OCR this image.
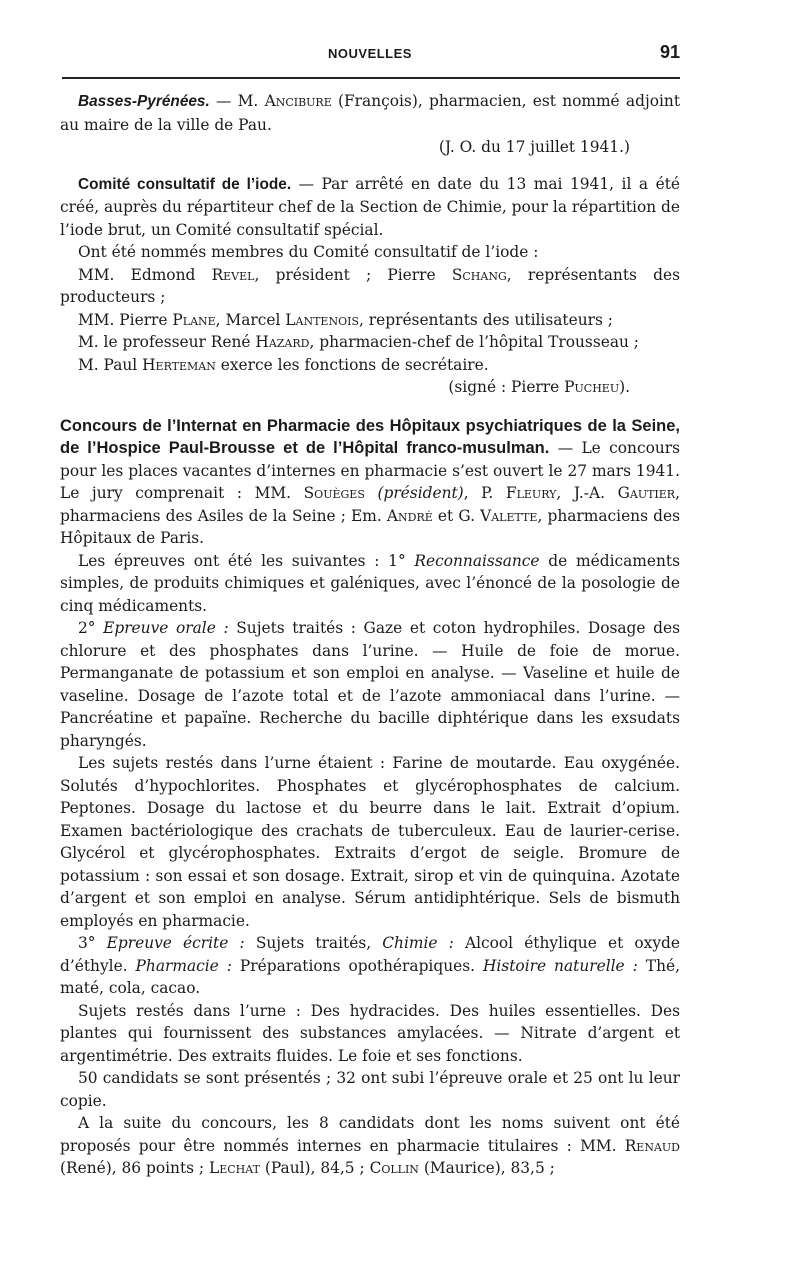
NOUVELLES	91

Basses-Pyrénées. — M. Ancibure (François), pharmacien, est nommé adjoint au maire de la ville de Pau.

(J. O. du 17 juillet 1941.)

Comité consultatif de l’iode. — Par arrêté en date du 13 mai 1941, il a été créé, auprès du répartiteur chef de la Section de Chimie, pour la répartition de l’iode brut, un Comité consultatif spécial.

Ont été nommés membres du Comité consultatif de l’iode :

MM. Edmond Revel, président ; Pierre Schang, représentants des producteurs ;

MM. Pierre Plane, Marcel Lantenois, représentants des utilisateurs ;

M. le professeur René Hazard, pharmacien-chef de l’hôpital Trousseau ;

M. Paul Herteman exerce les fonctions de secrétaire.

(signé : Pierre Pucheu).

Concours de l’Internat en Pharmacie des Hôpitaux psychiatriques de la Seine, de l’Hospice Paul-Brousse et de l’Hôpital franco-musulman. — Le concours pour les places vacantes d’internes en pharmacie s’est ouvert le 27 mars 1941. Le jury comprenait : MM. Souèges (président), P. Fleury, J.-A. Gautier, pharmaciens des Asiles de la Seine ; Em. André et G. Valette, pharmaciens des Hôpitaux de Paris.

Les épreuves ont été les suivantes : 1° Reconnaissance de médicaments simples, de produits chimiques et galéniques, avec l’énoncé de la posologie de cinq médicaments.

2° Epreuve orale : Sujets traités : Gaze et coton hydrophiles. Dosage des chlorure et des phosphates dans l’urine. — Huile de foie de morue. Permanganate de potassium et son emploi en analyse. — Vaseline et huile de vaseline. Dosage de l’azote total et de l’azote ammoniacal dans l’urine. — Pancréatine et papaïne. Recherche du bacille diphtérique dans les exsudats pharyngés.

Les sujets restés dans l’urne étaient : Farine de moutarde. Eau oxygénée. Solutés d’hypochlorites. Phosphates et glycérophosphates de calcium. Peptones. Dosage du lactose et du beurre dans le lait. Extrait d’opium. Examen bactériologique des crachats de tuberculeux. Eau de laurier-cerise. Glycérol et glycérophosphates. Extraits d’ergot de seigle. Bromure de potassium : son essai et son dosage. Extrait, sirop et vin de quinquina. Azotate d’argent et son emploi en analyse. Sérum antidiphtérique. Sels de bismuth employés en pharmacie.

3° Epreuve écrite : Sujets traités, Chimie : Alcool éthylique et oxyde d’éthyle. Pharmacie : Préparations opothérapiques. Histoire naturelle : Thé, maté, cola, cacao.

Sujets restés dans l’urne : Des hydracides. Des huiles essentielles. Des plantes qui fournissent des substances amylacées. — Nitrate d’argent et argentimétrie. Des extraits fluides. Le foie et ses fonctions.

50 candidats se sont présentés ; 32 ont subi l’épreuve orale et 25 ont lu leur copie.

A la suite du concours, les 8 candidats dont les noms suivent ont été proposés pour être nommés internes en pharmacie titulaires : MM. Renaud (René), 86 points ; Lechat (Paul), 84,5 ; Collin (Maurice), 83,5 ;
